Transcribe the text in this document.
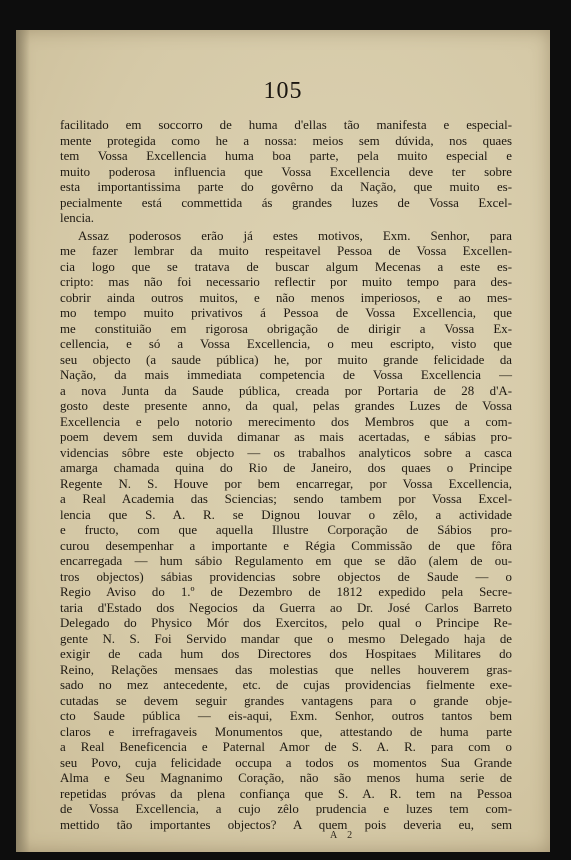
105
facilitado em soccorro de huma d'ellas tão manifesta e especial-
mente protegida como he a nossa: meios sem dúvida, nos quaes
tem Vossa Excellencia huma boa parte, pela muito especial e
muito poderosa influencia que Vossa Excellencia deve ter sobre
esta importantissima parte do govêrno da Nação, que muito es-
pecialmente está commettida ás grandes luzes de Vossa Excel-
lencia.
Assaz poderosos erão já estes motivos, Exm. Senhor, para
me fazer lembrar da muito respeitavel Pessoa de Vossa Excellen-
cia logo que se tratava de buscar algum Mecenas a este es-
cripto: mas não foi necessario reflectir por muito tempo para des-
cobrir ainda outros muitos, e não menos imperiosos, e ao mes-
mo tempo muito privativos á Pessoa de Vossa Excellencia, que
me constituião em rigorosa obrigação de dirigir a Vossa Ex-
cellencia, e só a Vossa Excellencia, o meu escripto, visto que
seu objecto (a saude pública) he, por muito grande felicidade da
Nação, da mais immediata competencia de Vossa Excellencia —
a nova Junta da Saude pública, creada por Portaria de 28 d'A-
gosto deste presente anno, da qual, pelas grandes Luzes de Vossa
Excellencia e pelo notorio merecimento dos Membros que a com-
poem devem sem duvida dimanar as mais acertadas, e sábias pro-
videncias sôbre este objecto — os trabalhos analyticos sobre a casca
amarga chamada quina do Rio de Janeiro, dos quaes o Principe
Regente N. S. Houve por bem encarregar, por Vossa Excellencia,
a Real Academia das Sciencias; sendo tambem por Vossa Excel-
lencia que S. A. R. se Dignou louvar o zêlo, a actividade
e fructo, com que aquella Illustre Corporação de Sábios pro-
curou desempenhar a importante e Régia Commissão de que fôra
encarregada — hum sábio Regulamento em que se dão (alem de ou-
tros objectos) sábias providencias sobre objectos de Saude — o
Regio Aviso do 1.º de Dezembro de 1812 expedido pela Secre-
taria d'Estado dos Negocios da Guerra ao Dr. José Carlos Barreto
Delegado do Physico Mór dos Exercitos, pelo qual o Principe Re-
gente N. S. Foi Servido mandar que o mesmo Delegado haja de
exigir de cada hum dos Directores dos Hospitaes Militares do
Reino, Relações mensaes das molestias que nelles houverem gras-
sado no mez antecedente, etc. de cujas providencias fielmente exe-
cutadas se devem seguir grandes vantagens para o grande obje-
cto Saude pública — eis-aqui, Exm. Senhor, outros tantos bem
claros e irrefragaveis Monumentos que, attestando de huma parte
a Real Beneficencia e Paternal Amor de S. A. R. para com o
seu Povo, cuja felicidade occupa a todos os momentos Sua Grande
Alma e Seu Magnanimo Coração, não são menos huma serie de
repetidas próvas da plena confiança que S. A. R. tem na Pessoa
de Vossa Excellencia, a cujo zêlo prudencia e luzes tem com-
mettido tão importantes objectos? A quem pois deveria eu, sem
A 2
